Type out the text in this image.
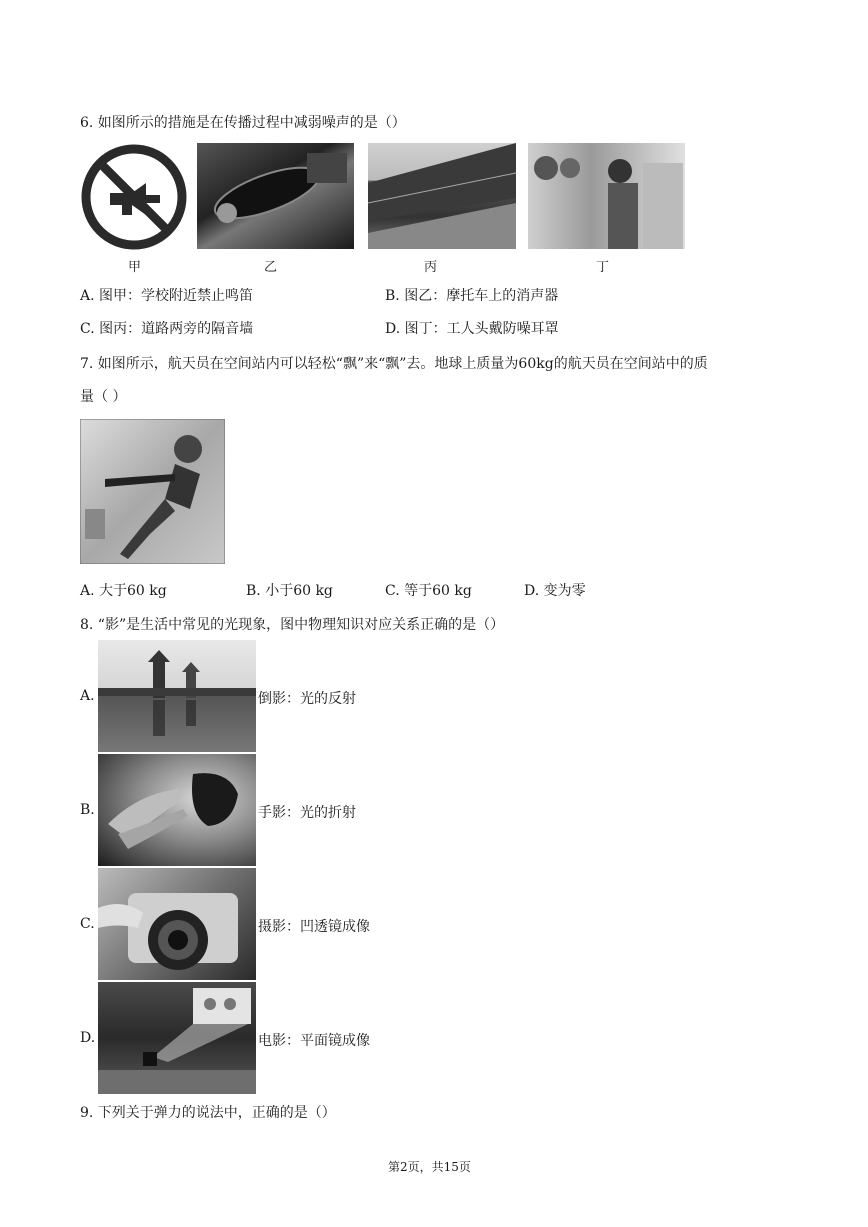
6. 如图所示的措施是在传播过程中减弱噪声的是（）
甲	乙	丙	丁
A. 图甲：学校附近禁止鸣笛	B. 图乙：摩托车上的消声器
C. 图丙：道路两旁的隔音墙	D. 图丁：工人头戴防噪耳罩
7. 如图所示，航天员在空间站内可以轻松“飘”来“飘”去。地球上质量为60kg的航天员在空间站中的质
量（ ）
A. 大于60 kg	B. 小于60 kg	C. 等于60 kg	D. 变为零
8. “影”是生活中常见的光现象，图中物理知识对应关系正确的是（）
A.	倒影：光的反射
B.	手影：光的折射
C.	摄影：凹透镜成像
D.	电影：平面镜成像
9. 下列关于弹力的说法中，正确的是（）
第2页，共15页
